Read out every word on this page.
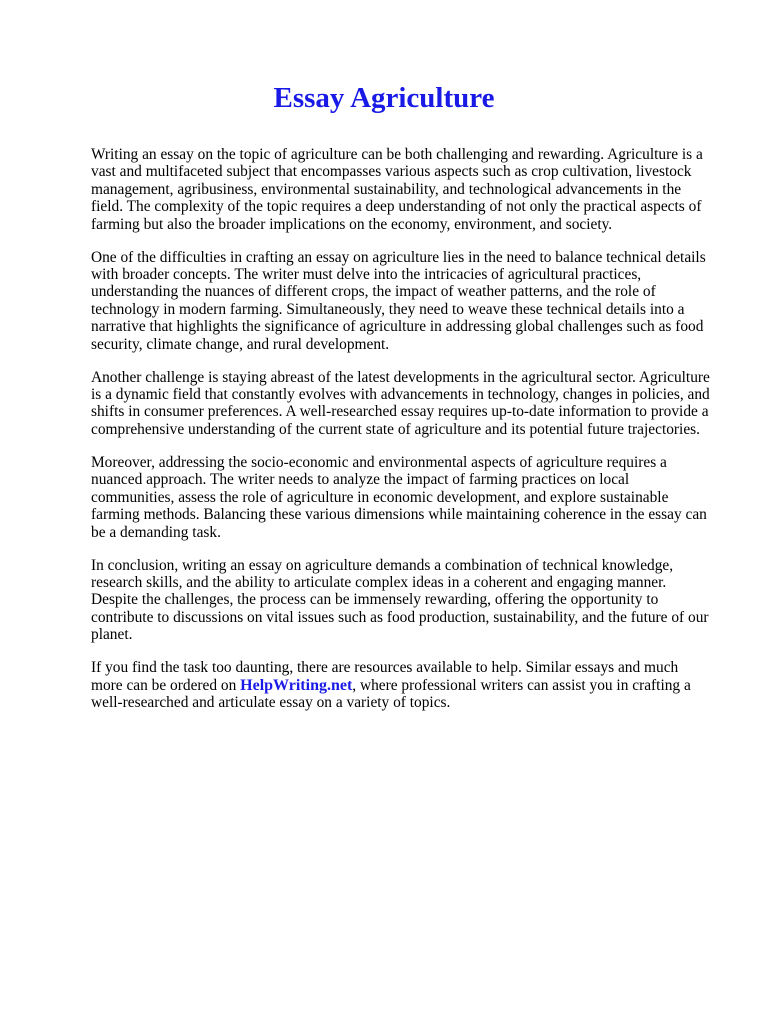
Essay Agriculture

Writing an essay on the topic of agriculture can be both challenging and rewarding. Agriculture is a vast and multifaceted subject that encompasses various aspects such as crop cultivation, livestock management, agribusiness, environmental sustainability, and technological advancements in the field. The complexity of the topic requires a deep understanding of not only the practical aspects of farming but also the broader implications on the economy, environment, and society.

One of the difficulties in crafting an essay on agriculture lies in the need to balance technical details with broader concepts. The writer must delve into the intricacies of agricultural practices, understanding the nuances of different crops, the impact of weather patterns, and the role of technology in modern farming. Simultaneously, they need to weave these technical details into a narrative that highlights the significance of agriculture in addressing global challenges such as food security, climate change, and rural development.

Another challenge is staying abreast of the latest developments in the agricultural sector. Agriculture is a dynamic field that constantly evolves with advancements in technology, changes in policies, and shifts in consumer preferences. A well-researched essay requires up-to-date information to provide a comprehensive understanding of the current state of agriculture and its potential future trajectories.

Moreover, addressing the socio-economic and environmental aspects of agriculture requires a nuanced approach. The writer needs to analyze the impact of farming practices on local communities, assess the role of agriculture in economic development, and explore sustainable farming methods. Balancing these various dimensions while maintaining coherence in the essay can be a demanding task.

In conclusion, writing an essay on agriculture demands a combination of technical knowledge, research skills, and the ability to articulate complex ideas in a coherent and engaging manner. Despite the challenges, the process can be immensely rewarding, offering the opportunity to contribute to discussions on vital issues such as food production, sustainability, and the future of our planet.

If you find the task too daunting, there are resources available to help. Similar essays and much more can be ordered on HelpWriting.net, where professional writers can assist you in crafting a well-researched and articulate essay on a variety of topics.
